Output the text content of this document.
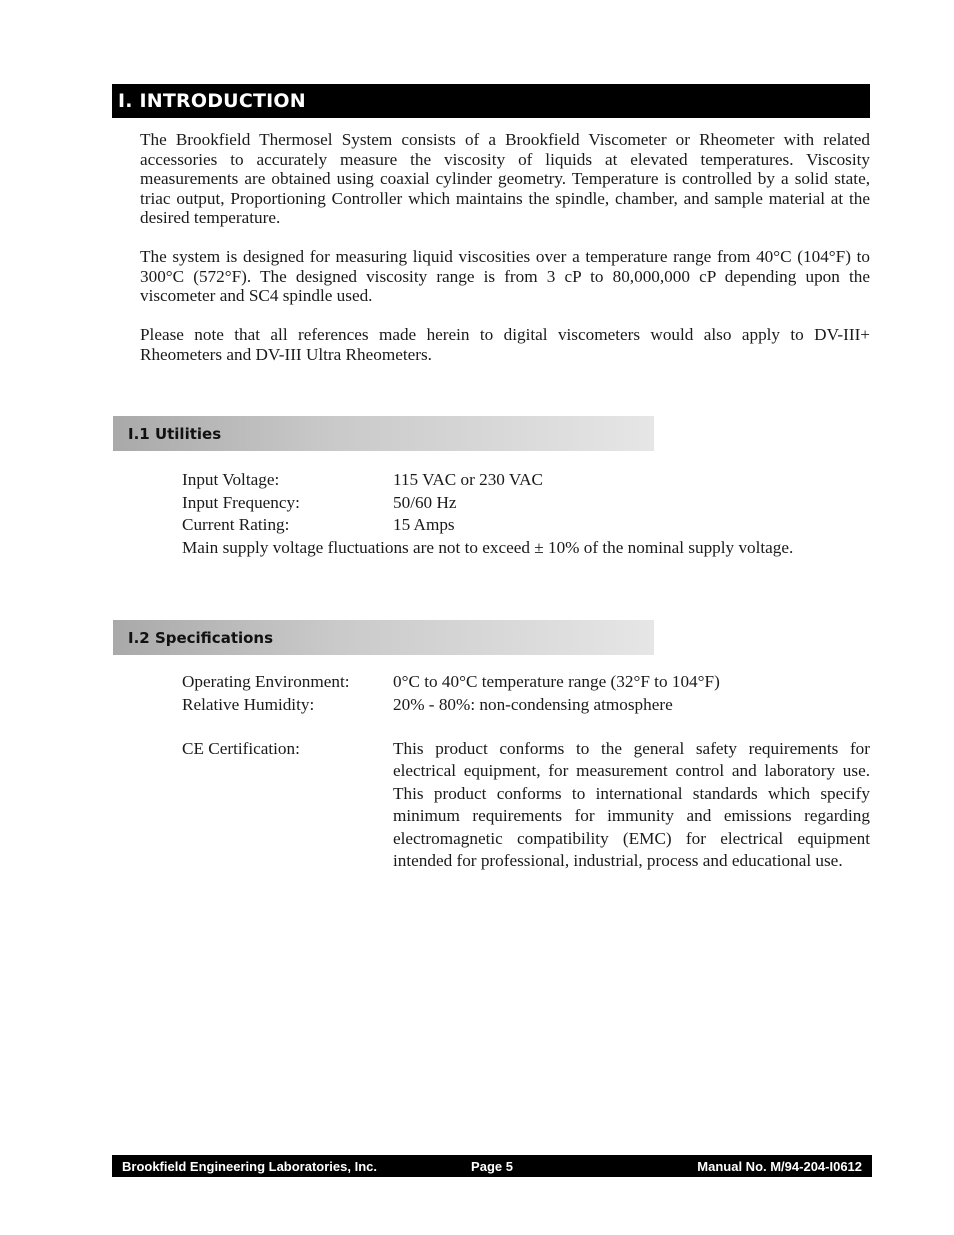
I. INTRODUCTION

The Brookfield Thermosel System consists of a Brookfield Viscometer or Rheometer with related accessories to accurately measure the viscosity of liquids at elevated temperatures. Viscosity measurements are obtained using coaxial cylinder geometry. Temperature is controlled by a solid state, triac output, Proportioning Controller which maintains the spindle, chamber, and sample material at the desired temperature.

The system is designed for measuring liquid viscosities over a temperature range from 40°C (104°F) to 300°C (572°F). The designed viscosity range is from 3 cP to 80,000,000 cP depending upon the viscometer and SC4 spindle used.

Please note that all references made herein to digital viscometers would also apply to DV-III+ Rheometers and DV-III Ultra Rheometers.

I.1 Utilities
Input Voltage:	115 VAC or 230 VAC
Input Frequency:	50/60 Hz
Current Rating:	15 Amps
Main supply voltage fluctuations are not to exceed ± 10% of the nominal supply voltage.
I.2 Specifications
Operating Environment:	0°C to 40°C temperature range (32°F to 104°F)
Relative Humidity:	20% - 80%: non-condensing atmosphere
CE Certification:	This product conforms to the general safety requirements for electrical equipment, for measurement control and laboratory use. This product conforms to international standards which specify minimum requirements for immunity and emissions regarding electromagnetic compatibility (EMC) for electrical equipment intended for professional, industrial, process and educational use.
Brookfield Engineering Laboratories, Inc.	Page 5	Manual No. M/94-204-I0612
